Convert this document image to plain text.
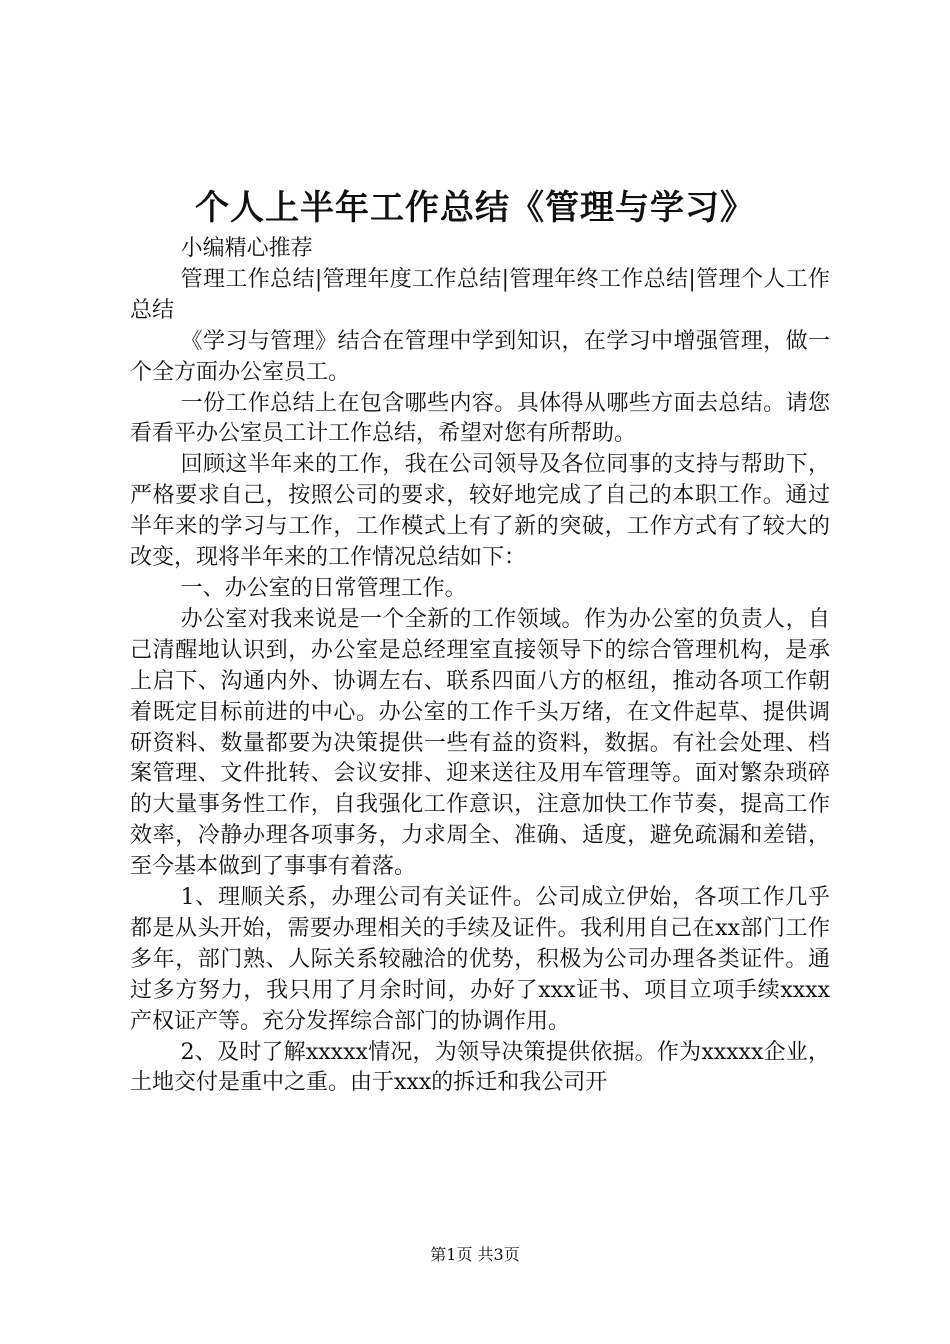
个人上半年工作总结《管理与学习》

小编精心推荐

管理工作总结|管理年度工作总结|管理年终工作总结|管理个人工作总结

《学习与管理》结合在管理中学到知识，在学习中增强管理，做一个全方面办公室员工。

一份工作总结上在包含哪些内容。具体得从哪些方面去总结。请您看看平办公室员工计工作总结，希望对您有所帮助。

回顾这半年来的工作，我在公司领导及各位同事的支持与帮助下，严格要求自己，按照公司的要求，较好地完成了自己的本职工作。通过半年来的学习与工作，工作模式上有了新的突破，工作方式有了较大的改变，现将半年来的工作情况总结如下：

一、办公室的日常管理工作。

办公室对我来说是一个全新的工作领域。作为办公室的负责人，自己清醒地认识到，办公室是总经理室直接领导下的综合管理机构，是承上启下、沟通内外、协调左右、联系四面八方的枢纽，推动各项工作朝着既定目标前进的中心。办公室的工作千头万绪，在文件起草、提供调研资料、数量都要为决策提供一些有益的资料，数据。有社会处理、档案管理、文件批转、会议安排、迎来送往及用车管理等。面对繁杂琐碎的大量事务性工作，自我强化工作意识，注意加快工作节奏，提高工作效率，冷静办理各项事务，力求周全、准确、适度，避免疏漏和差错，至今基本做到了事事有着落。

1、理顺关系，办理公司有关证件。公司成立伊始，各项工作几乎都是从头开始，需要办理相关的手续及证件。我利用自己在xx部门工作多年，部门熟、人际关系较融洽的优势，积极为公司办理各类证件。通过多方努力，我只用了月余时间，办好了xxx证书、项目立项手续xxxx产权证产等。充分发挥综合部门的协调作用。

2、及时了解xxxxx情况，为领导决策提供依据。作为xxxxx企业，土地交付是重中之重。由于xxx的拆迁和我公司开

第1页 共3页
